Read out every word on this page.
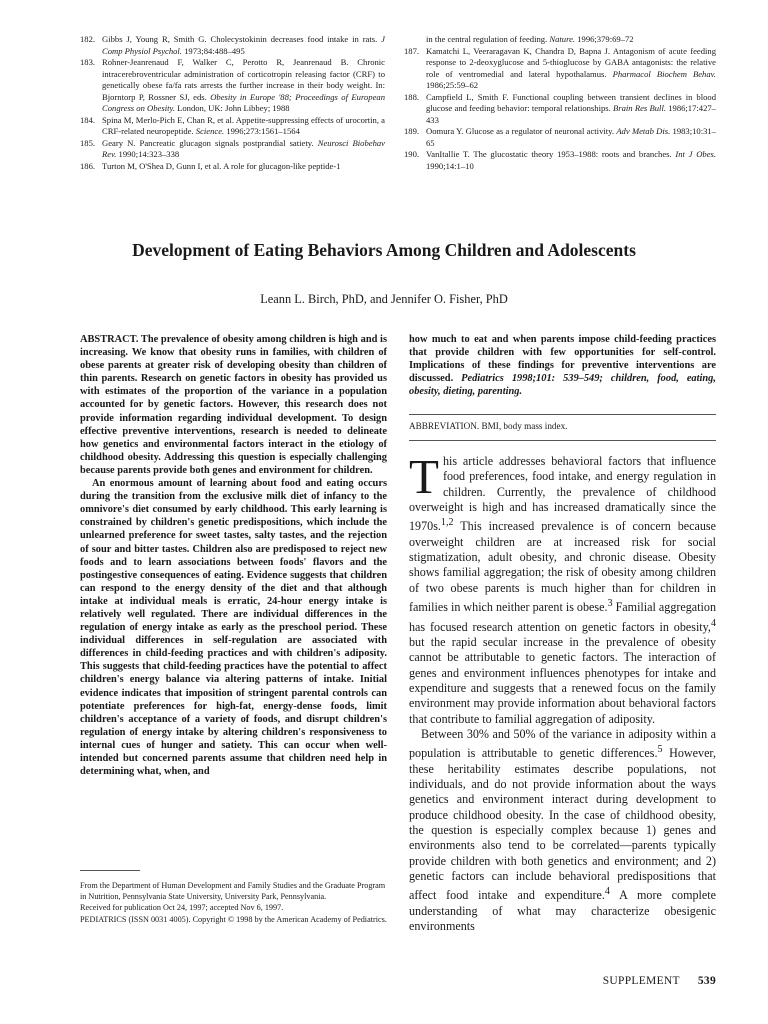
182. Gibbs J, Young R, Smith G. Cholecystokinin decreases food intake in rats. J Comp Physiol Psychol. 1973;84:488–495
183. Rohner-Jeanrenaud F, Walker C, Perotto R, Jeanrenaud B. Chronic intracerebroventricular administration of corticotropin releasing factor (CRF) to genetically obese fa/fa rats arrests the further increase in their body weight. In: Bjorntorp P, Rossner SJ, eds. Obesity in Europe '88; Proceedings of European Congress on Obesity. London, UK: John Libbey; 1988
184. Spina M, Merlo-Pich E, Chan R, et al. Appetite-suppressing effects of urocortin, a CRF-related neuropeptide. Science. 1996;273:1561–1564
185. Geary N. Pancreatic glucagon signals postprandial satiety. Neurosci Biobehav Rev. 1990;14:323–338
186. Turton M, O'Shea D, Gunn I, et al. A role for glucagon-like peptide-1
in the central regulation of feeding. Nature. 1996;379:69–72
187. Kamatchi L, Veeraragavan K, Chandra D, Bapna J. Antagonism of acute feeding response to 2-deoxyglucose and 5-thioglucose by GABA antagonists: the relative role of ventromedial and lateral hypothalamus. Pharmacol Biochem Behav. 1986;25:59–62
188. Campfield L, Smith F. Functional coupling between transient declines in blood glucose and feeding behavior: temporal relationships. Brain Res Bull. 1986;17:427–433
189. Oomura Y. Glucose as a regulator of neuronal activity. Adv Metab Dis. 1983;10:31–65
190. VanItallie T. The glucostatic theory 1953–1988: roots and branches. Int J Obes. 1990;14:1–10
Development of Eating Behaviors Among Children and Adolescents

Leann L. Birch, PhD, and Jennifer O. Fisher, PhD

ABSTRACT. The prevalence of obesity among children is high and is increasing. We know that obesity runs in families, with children of obese parents at greater risk of developing obesity than children of thin parents. Research on genetic factors in obesity has provided us with estimates of the proportion of the variance in a population accounted for by genetic factors. However, this research does not provide information regarding individual development. To design effective preventive interventions, research is needed to delineate how genetics and environmental factors interact in the etiology of childhood obesity. Addressing this question is especially challenging because parents provide both genes and environment for children.

An enormous amount of learning about food and eating occurs during the transition from the exclusive milk diet of infancy to the omnivore's diet consumed by early childhood. This early learning is constrained by children's genetic predispositions, which include the unlearned preference for sweet tastes, salty tastes, and the rejection of sour and bitter tastes. Children also are predisposed to reject new foods and to learn associations between foods' flavors and the postingestive consequences of eating. Evidence suggests that children can respond to the energy density of the diet and that although intake at individual meals is erratic, 24-hour energy intake is relatively well regulated. There are individual differences in the regulation of energy intake as early as the preschool period. These individual differences in self-regulation are associated with differences in child-feeding practices and with children's adiposity. This suggests that child-feeding practices have the potential to affect children's energy balance via altering patterns of intake. Initial evidence indicates that imposition of stringent parental controls can potentiate preferences for high-fat, energy-dense foods, limit children's acceptance of a variety of foods, and disrupt children's regulation of energy intake by altering children's responsiveness to internal cues of hunger and satiety. This can occur when well-intended but concerned parents assume that children need help in determining what, when, and

how much to eat and when parents impose child-feeding practices that provide children with few opportunities for self-control. Implications of these findings for preventive interventions are discussed. Pediatrics 1998;101: 539–549; children, food, eating, obesity, dieting, parenting.

ABBREVIATION. BMI, body mass index.

This article addresses behavioral factors that influence food preferences, food intake, and energy regulation in children. Currently, the prevalence of childhood overweight is high and has increased dramatically since the 1970s.$^{1,2}$ This increased prevalence is of concern because overweight children are at increased risk for social stigmatization, adult obesity, and chronic disease. Obesity shows familial aggregation; the risk of obesity among children of two obese parents is much higher than for children in families in which neither parent is obese.$^3$ Familial aggregation has focused research attention on genetic factors in obesity,$^4$ but the rapid secular increase in the prevalence of obesity cannot be attributable to genetic factors. The interaction of genes and environment influences phenotypes for intake and expenditure and suggests that a renewed focus on the family environment may provide information about behavioral factors that contribute to familial aggregation of adiposity.

Between 30% and 50% of the variance in adiposity within a population is attributable to genetic differences.$^5$ However, these heritability estimates describe populations, not individuals, and do not provide information about the ways genetics and environment interact during development to produce childhood obesity. In the case of childhood obesity, the question is especially complex because 1) genes and environments also tend to be correlated—parents typically provide children with both genetics and environment; and 2) genetic factors can include behavioral predispositions that affect food intake and expenditure.$^4$ A more complete understanding of what may characterize obesigenic environments

From the Department of Human Development and Family Studies and the Graduate Program in Nutrition, Pennsylvania State University, University Park, Pennsylvania.

Received for publication Oct 24, 1997; accepted Nov 6, 1997.

PEDIATRICS (ISSN 0031 4005). Copyright © 1998 by the American Academy of Pediatrics.

SUPPLEMENT 539
